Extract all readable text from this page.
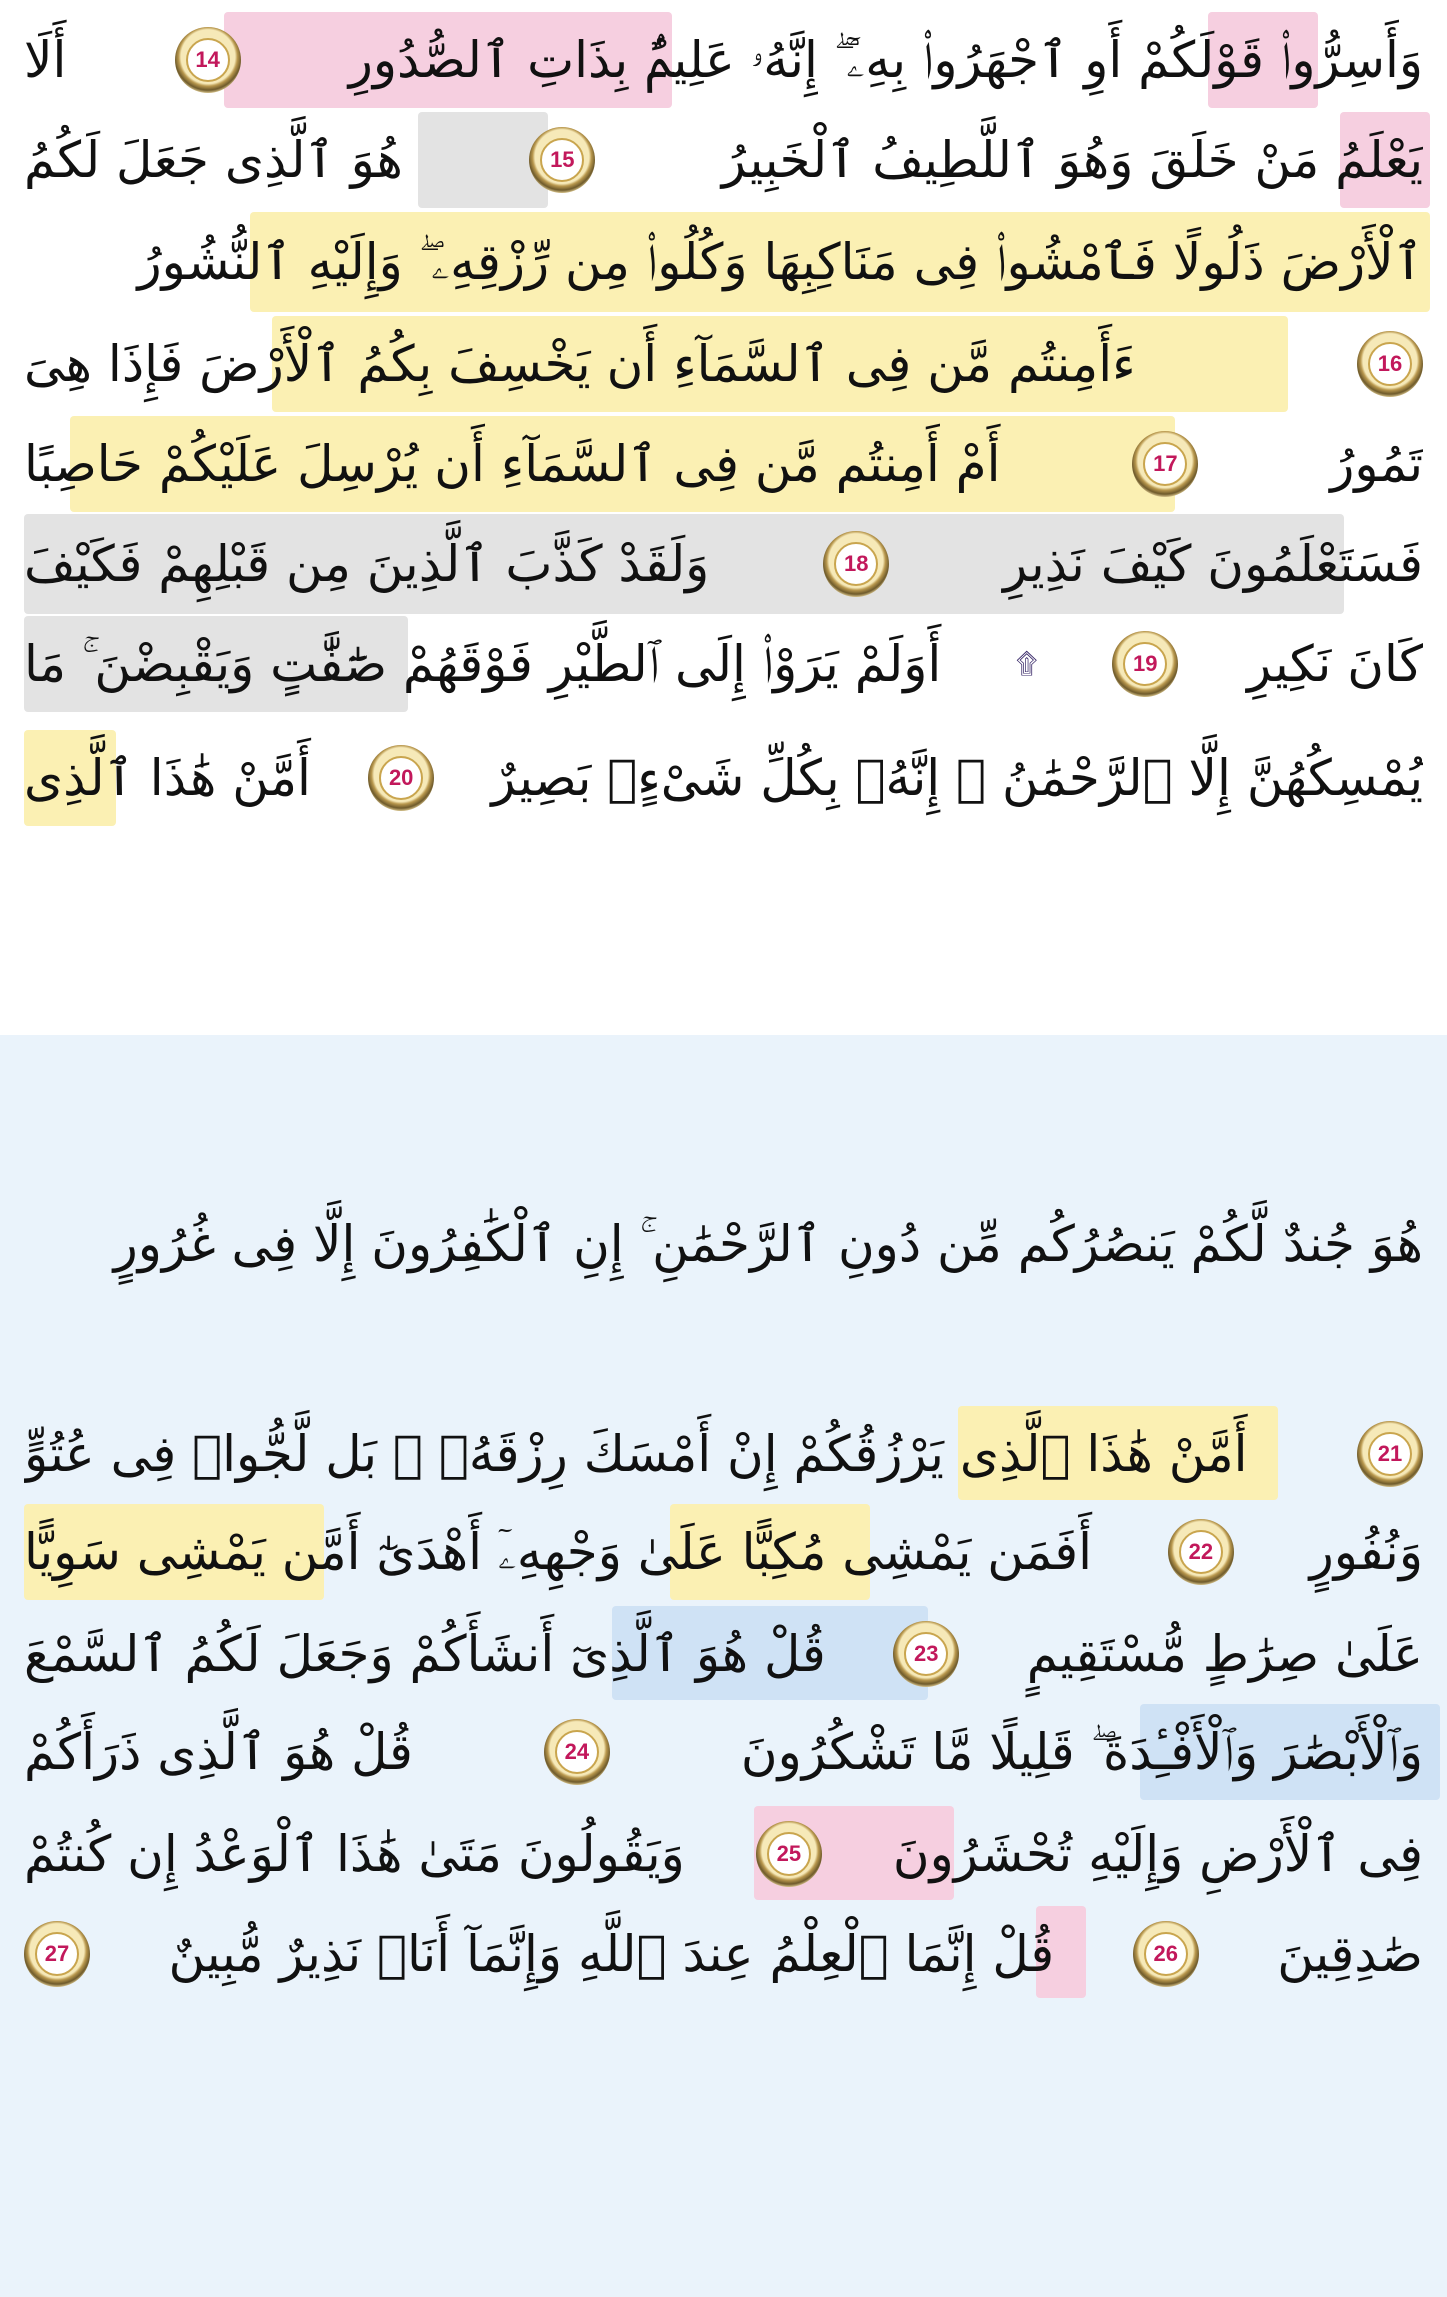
وَأَسِرُّوا۟ قَوْلَكُمْ أَوِ ٱجْهَرُوا۟ بِهِۦٓ ۖ إِنَّهُۥ عَلِيمٌۢ بِذَاتِ ٱلصُّدُورِ
14
أَلَا
يَعْلَمُ مَنْ خَلَقَ وَهُوَ ٱللَّطِيفُ ٱلْخَبِيرُ
15
هُوَ ٱلَّذِى جَعَلَ لَكُمُ
ٱلْأَرْضَ ذَلُولًا فَٱمْشُوا۟ فِى مَنَاكِبِهَا وَكُلُوا۟ مِن رِّزْقِهِۦ ۖ وَإِلَيْهِ ٱلنُّشُورُ
16
ءَأَمِنتُم مَّن فِى ٱلسَّمَآءِ أَن يَخْسِفَ بِكُمُ ٱلْأَرْضَ فَإِذَا هِىَ
تَمُورُ
17
أَمْ أَمِنتُم مَّن فِى ٱلسَّمَآءِ أَن يُرْسِلَ عَلَيْكُمْ حَاصِبًا
فَسَتَعْلَمُونَ كَيْفَ نَذِيرِ
18
وَلَقَدْ كَذَّبَ ٱلَّذِينَ مِن قَبْلِهِمْ فَكَيْفَ
كَانَ نَكِيرِ
19
۩
أَوَلَمْ يَرَوْا۟ إِلَى ٱلطَّيْرِ فَوْقَهُمْ صَٰٓفَّٰتٍ وَيَقْبِضْنَ ۚ مَا
يُمْسِكُهُنَّ إِلَّا ٱلرَّحْمَٰنُ ۚ إِنَّهُۥ بِكُلِّ شَىْءٍۭ بَصِيرٌ
20
أَمَّنْ هَٰذَا ٱلَّذِى
هُوَ جُندٌ لَّكُمْ يَنصُرُكُم مِّن دُونِ ٱلرَّحْمَٰنِ ۚ إِنِ ٱلْكَٰفِرُونَ إِلَّا فِى غُرُورٍ
21
أَمَّنْ هَٰذَا ٱلَّذِى يَرْزُقُكُمْ إِنْ أَمْسَكَ رِزْقَهُۥ ۚ بَل لَّجُّوا۟ فِى عُتُوٍّ
وَنُفُورٍ
22
أَفَمَن يَمْشِى مُكِبًّا عَلَىٰ وَجْهِهِۦٓ أَهْدَىٰٓ أَمَّن يَمْشِى سَوِيًّا
عَلَىٰ صِرَٰطٍ مُّسْتَقِيمٍ
23
قُلْ هُوَ ٱلَّذِىٓ أَنشَأَكُمْ وَجَعَلَ لَكُمُ ٱلسَّمْعَ
وَٱلْأَبْصَٰرَ وَٱلْأَفْـِٔدَةَ ۖ قَلِيلًا مَّا تَشْكُرُونَ
24
قُلْ هُوَ ٱلَّذِى ذَرَأَكُمْ
فِى ٱلْأَرْضِ وَإِلَيْهِ تُحْشَرُونَ
25
وَيَقُولُونَ مَتَىٰ هَٰذَا ٱلْوَعْدُ إِن كُنتُمْ
صَٰدِقِينَ
26
قُلْ إِنَّمَا ٱلْعِلْمُ عِندَ ٱللَّهِ وَإِنَّمَآ أَنَا۠ نَذِيرٌ مُّبِينٌ
27
